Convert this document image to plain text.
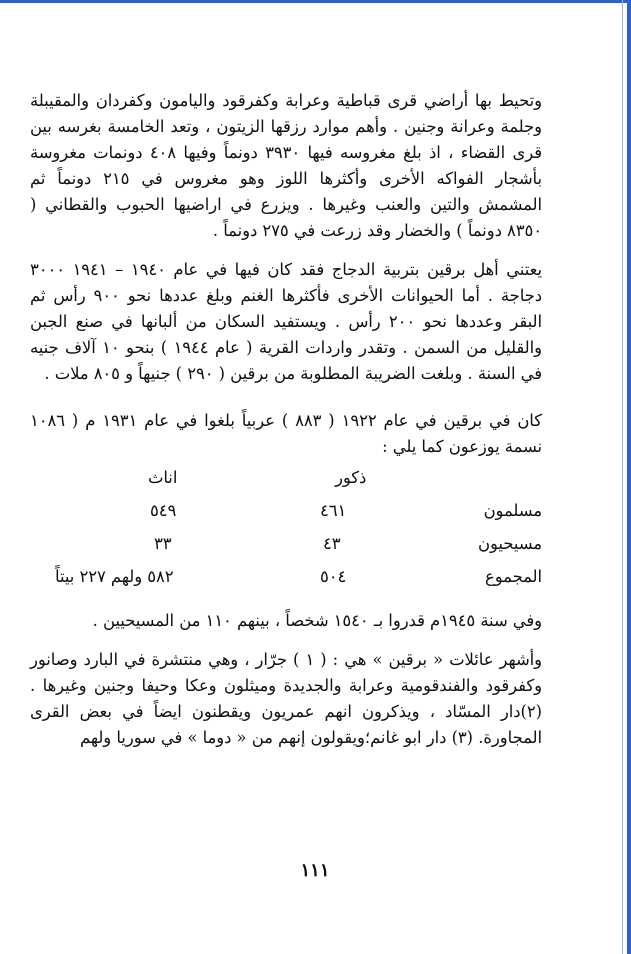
وتحيط بها أراضي قرى قباطية وعرابة وكفرقود واليامون وكفردان والمقيبلة وجلمة وعرانة وجنين . وأهم موارد رزقها الزيتون ، وتعد الخامسة بغرسه بين قرى القضاء ، اذ بلغ مغروسه فيها ٣٩٣٠ دونماً وفيها ٤٠٨ دونمات مغروسة بأشجار الفواكه الأخرى وأكثرها اللوز وهو مغروس في ٢١٥ دونماً ثم المشمش والتين والعنب وغيرها . ويزرع في اراضيها الحبوب والقطاني ( ٨٣٥٠ دونماً ) والخضار وقد زرعت في ٢٧٥ دونماً .

يعتني أهل برقين بتربية الدجاج فقد كان فيها في عام ١٩٤٠ – ١٩٤١ ٣٠٠٠ دجاجة . أما الحيوانات الأخرى فأكثرها الغنم وبلغ عددها نحو ٩٠٠ رأس ثم البقر وعددها نحو ٢٠٠ رأس . ويستفيد السكان من ألبانها في صنع الجبن والقليل من السمن . وتقدر واردات القرية ( عام ١٩٤٤ ) بنحو ١٠ آلاف جنيه في السنة . وبلغت الضريبة المطلوبة من برقين ( ٢٩٠ ) جنيهاً و ٨٠٥ ملات .

كان في برقين في عام ١٩٢٢ ( ٨٨٣ ) عربياً بلغوا في عام ١٩٣١ م ( ١٠٨٦ نسمة يوزعون كما يلي :

ذكور
اناث
مسلمون
٤٦١
٥٤٩
مسيحيون
٤٣
٣٣
المجموع
٥٠٤
٥٨٢ ولهم ٢٢٧ بيتاً

وفي سنة ١٩٤٥م قدروا بـ ١٥٤٠ شخصاً ، بينهم ١١٠ من المسيحيين .

وأشهر عائلات « برقين » هي : ( ١ ) جرّار ، وهي منتشرة في البارد وصانور وكفرقود والفندقومية وعرابة والجديدة وميثلون وعكا وحيفا وجنين وغيرها . (٢)دار المسّاد ، ويذكرون انهم عمريون ويقطنون ايضاً في بعض القرى المجاورة. (٣) دار ابو غانم؛ويقولون إنهم من « دوما » في سوريا ولهم

١١١
